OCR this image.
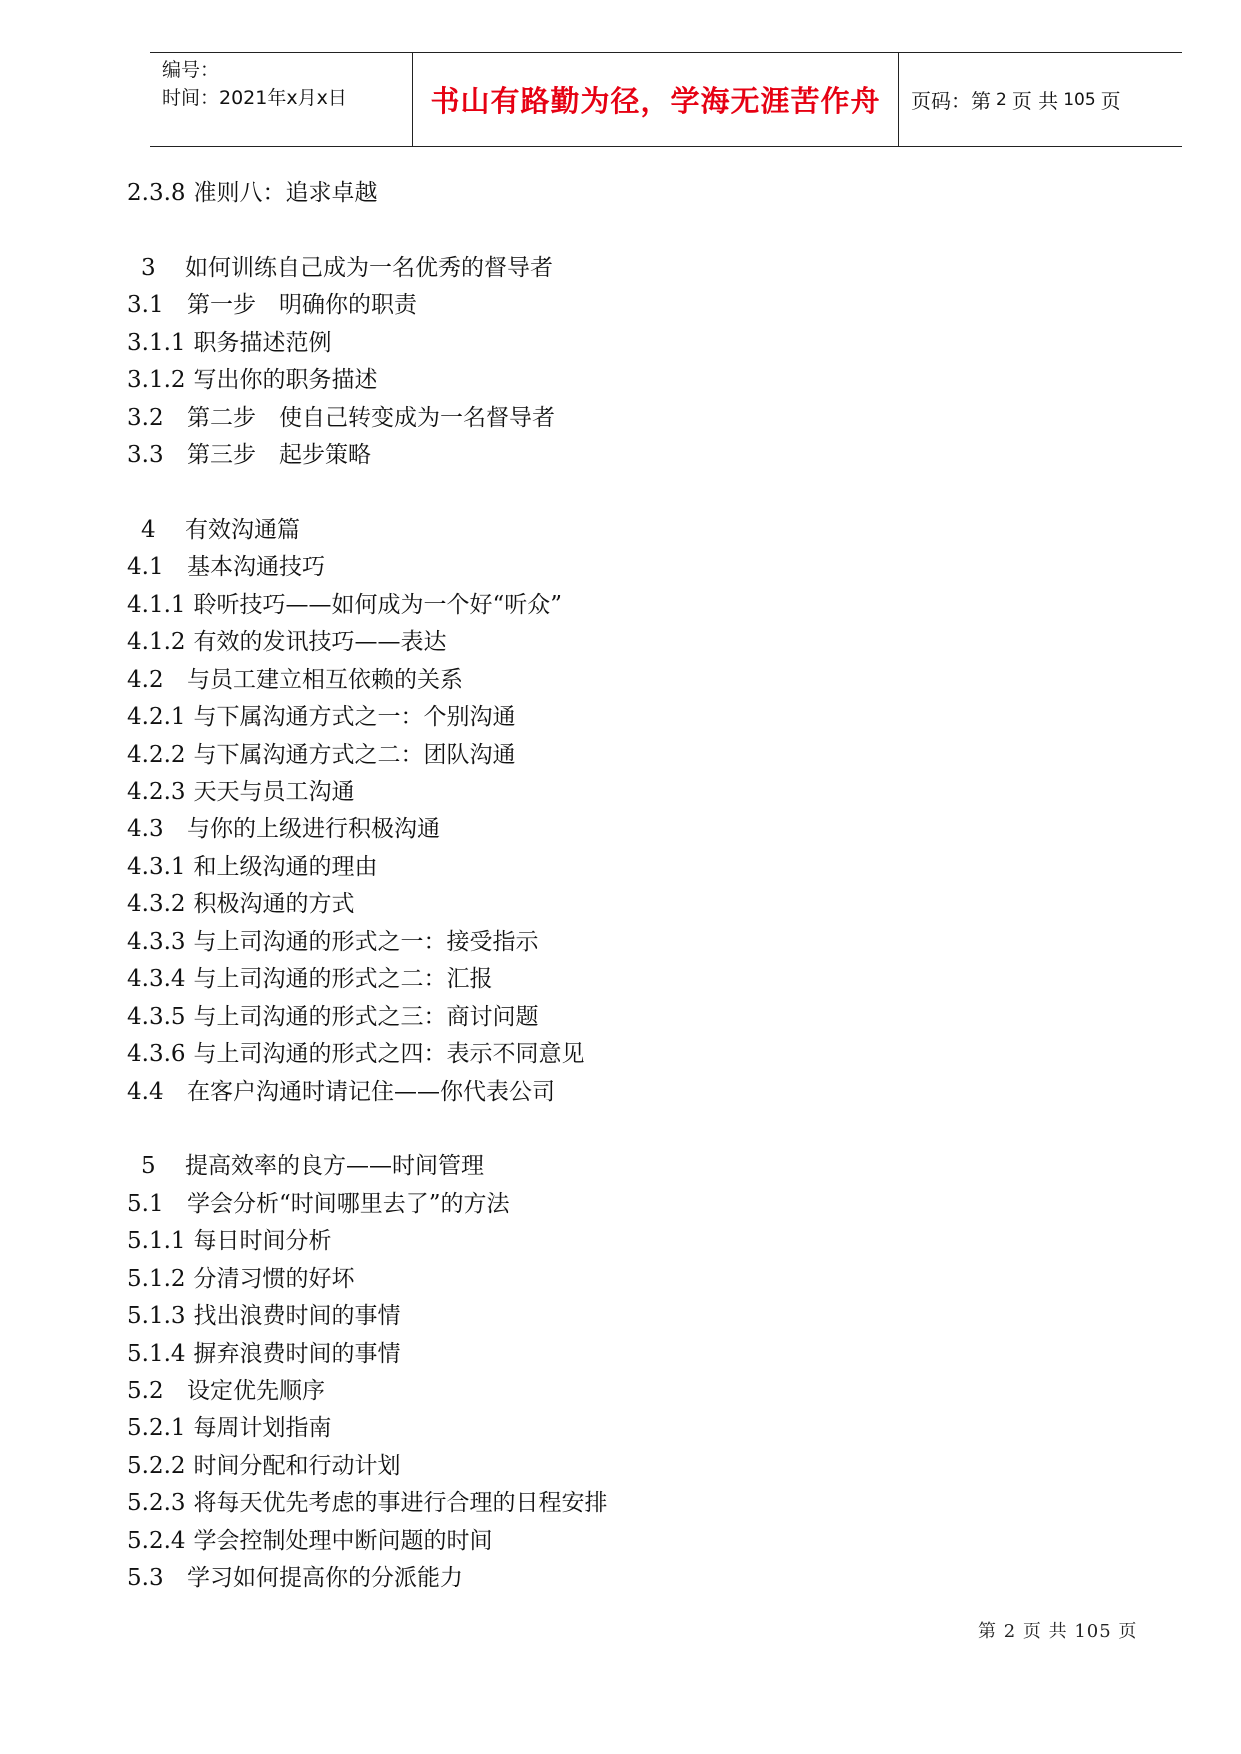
编号：
时间：2021年x月x日	书山有路勤为径，学海无涯苦作舟 页码：第 2 页 共 105 页
2.3.8 准则八：追求卓越
3 如何训练自己成为一名优秀的督导者
3.1 第一步　明确你的职责
3.1.1 职务描述范例
3.1.2 写出你的职务描述
3.2 第二步　使自己转变成为一名督导者
3.3 第三步　起步策略
4 有效沟通篇
4.1 基本沟通技巧
4.1.1 聆听技巧——如何成为一个好“听众”
4.1.2 有效的发讯技巧——表达
4.2 与员工建立相互依赖的关系
4.2.1 与下属沟通方式之一：个别沟通
4.2.2 与下属沟通方式之二：团队沟通
4.2.3 天天与员工沟通
4.3 与你的上级进行积极沟通
4.3.1 和上级沟通的理由
4.3.2 积极沟通的方式
4.3.3 与上司沟通的形式之一：接受指示
4.3.4 与上司沟通的形式之二：汇报
4.3.5 与上司沟通的形式之三：商讨问题
4.3.6 与上司沟通的形式之四：表示不同意见
4.4 在客户沟通时请记住——你代表公司
5 提高效率的良方——时间管理
5.1 学会分析“时间哪里去了”的方法
5.1.1 每日时间分析
5.1.2 分清习惯的好坏
5.1.3 找出浪费时间的事情
5.1.4 摒弃浪费时间的事情
5.2 设定优先顺序
5.2.1 每周计划指南
5.2.2 时间分配和行动计划
5.2.3 将每天优先考虑的事进行合理的日程安排
5.2.4 学会控制处理中断问题的时间
5.3 学习如何提高你的分派能力
第 2 页 共 105 页
